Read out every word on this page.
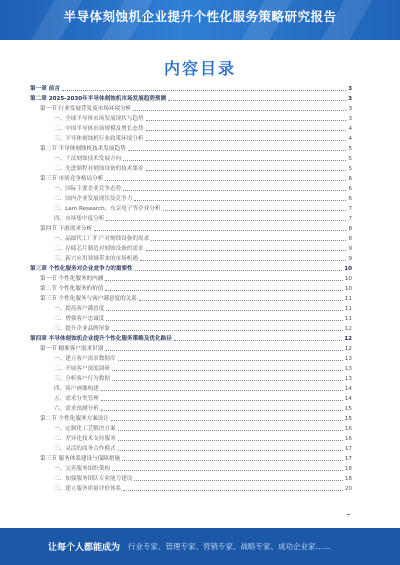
半导体刻蚀机企业提升个性化服务策略研究报告
内容目录
第一章 前言	3
第二章 2025-2030年半导体刻蚀机市场发展趋势预测	3
第一节 行业发展背景及市场环境分析	3
一、全球半导体市场发展现状与趋势	3
二、中国半导体市场规模及增长态势	4
三、半导体刻蚀机行业政策环境分析	4
第二节 半导体刻蚀机技术发展趋势	5
一、干法刻蚀技术发展方向	5
二、先进制程对刻蚀设备的技术要求	5
第三节 市场竞争格局分析	6
一、国际主要企业竞争态势	6
二、国内企业发展现状及竞争力	6
三、Lam Research、东京电子等企业分析	7
四、市场集中度分析	7
第四节 下游需求分析	8
一、晶圆代工厂扩产对刻蚀设备的需求	8
二、存储芯片制造对刻蚀设备的需求	9
三、新兴应用领域带来的市场机遇	9
第三章 个性化服务对企业竞争力的重要性	10
第一节 个性化服务的内涵	10
第二节 个性化服务的价值	10
第三节 个性化服务与客户满意度的关系	11
一、提高客户满意度	11
二、增强客户忠诚度	11
三、提升企业品牌形象	12
第四章 半导体刻蚀机企业提升个性化服务策略及优化路径	12
第一节 精准客户需求识别	12
一、建立客户需求数据库	13
二、开展客户深度调研	13
三、分析客户行为数据	13
四、客户画像构建	14
五、需求分类管理	14
六、需求预测分析	15
第二节 个性化服务方案设计	15
一、定制化工艺解决方案	16
二、差异化技术支持服务	16
三、灵活的商务合作模式	17
第三节 服务体系建设与保障措施	17
一、完善服务组织架构	18
二、加强服务团队专业能力建设	18
三、建立服务质量评价体系	20
让每个人都能成为 行业专家、管理专家、营销专家、战略专家、成功企业家……
